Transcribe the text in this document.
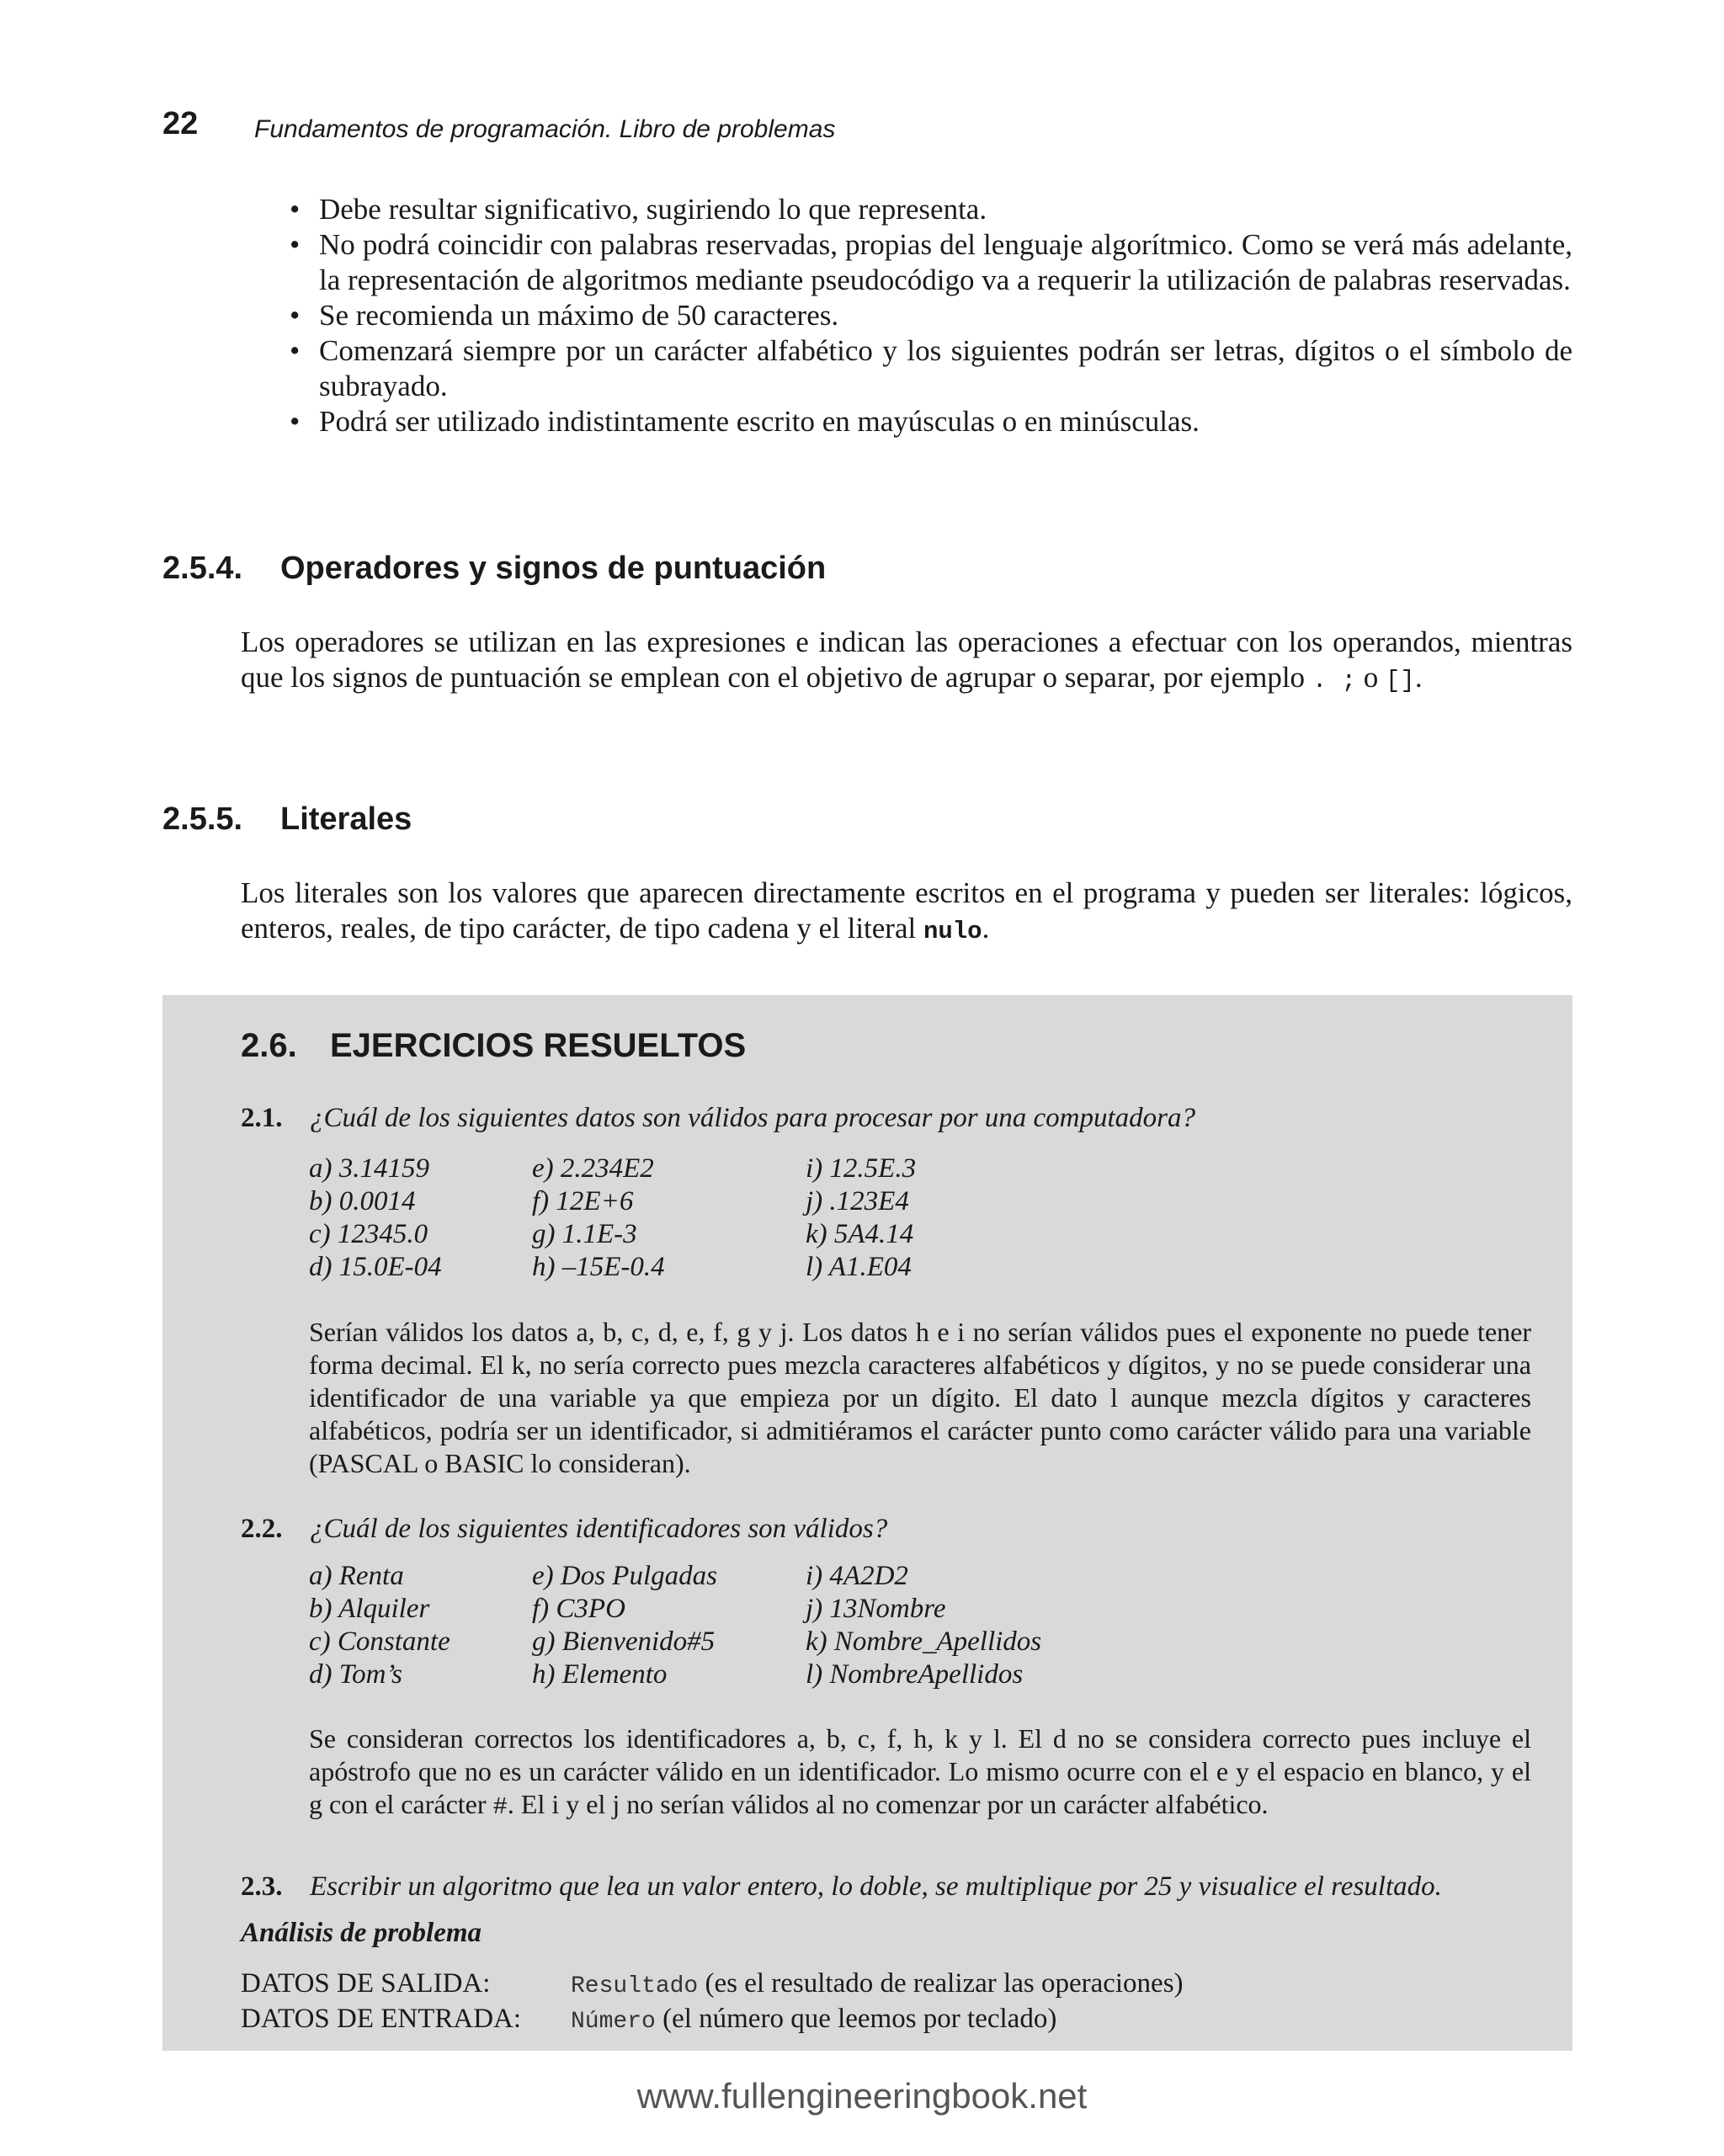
22 Fundamentos de programación. Libro de problemas
• Debe resultar significativo, sugiriendo lo que representa.
• No podrá coincidir con palabras reservadas, propias del lenguaje algorítmico. Como se verá más adelante, la representación de algoritmos mediante pseudocódigo va a requerir la utilización de palabras reservadas.
• Se recomienda un máximo de 50 caracteres.
• Comenzará siempre por un carácter alfabético y los siguientes podrán ser letras, dígitos o el símbolo de subrayado.
• Podrá ser utilizado indistintamente escrito en mayúsculas o en minúsculas.
2.5.4. Operadores y signos de puntuación

Los operadores se utilizan en las expresiones e indican las operaciones a efectuar con los operandos, mientras que los signos de puntuación se emplean con el objetivo de agrupar o separar, por ejemplo . ; o [].

2.5.5. Literales

Los literales son los valores que aparecen directamente escritos en el programa y pueden ser literales: lógicos, enteros, reales, de tipo carácter, de tipo cadena y el literal nulo.

2.6. EJERCICIOS RESUELTOS

2.1. ¿Cuál de los siguientes datos son válidos para procesar por una computadora?

a) 3.14159	e) 2.234E2	i) 12.5E.3
b) 0.0014	f) 12E+6	j) .123E4
c) 12345.0	g) 1.1E-3	k) 5A4.14
d) 15.0E-04	h) –15E-0.4	l) A1.E04

Serían válidos los datos a, b, c, d, e, f, g y j. Los datos h e i no serían válidos pues el exponente no puede tener forma decimal. El k, no sería correcto pues mezcla caracteres alfabéticos y dígitos, y no se puede considerar una identificador de una variable ya que empieza por un dígito. El dato l aunque mezcla dígitos y caracteres alfabéticos, podría ser un identificador, si admitiéramos el carácter punto como carácter válido para una variable (PASCAL o BASIC lo consideran).

2.2. ¿Cuál de los siguientes identificadores son válidos?

a) Renta	e) Dos Pulgadas	i) 4A2D2
b) Alquiler	f) C3PO	j) 13Nombre
c) Constante	g) Bienvenido#5	k) Nombre_Apellidos
d) Tom’s	h) Elemento	l) NombreApellidos

Se consideran correctos los identificadores a, b, c, f, h, k y l. El d no se considera correcto pues incluye el apóstrofo que no es un carácter válido en un identificador. Lo mismo ocurre con el e y el espacio en blanco, y el g con el carácter #. El i y el j no serían válidos al no comenzar por un carácter alfabético.

2.3. Escribir un algoritmo que lea un valor entero, lo doble, se multiplique por 25 y visualice el resultado.

Análisis de problema
DATOS DE SALIDA:	Resultado (es el resultado de realizar las operaciones)
DATOS DE ENTRADA:	Número (el número que leemos por teclado)
www.fullengineeringbook.net
